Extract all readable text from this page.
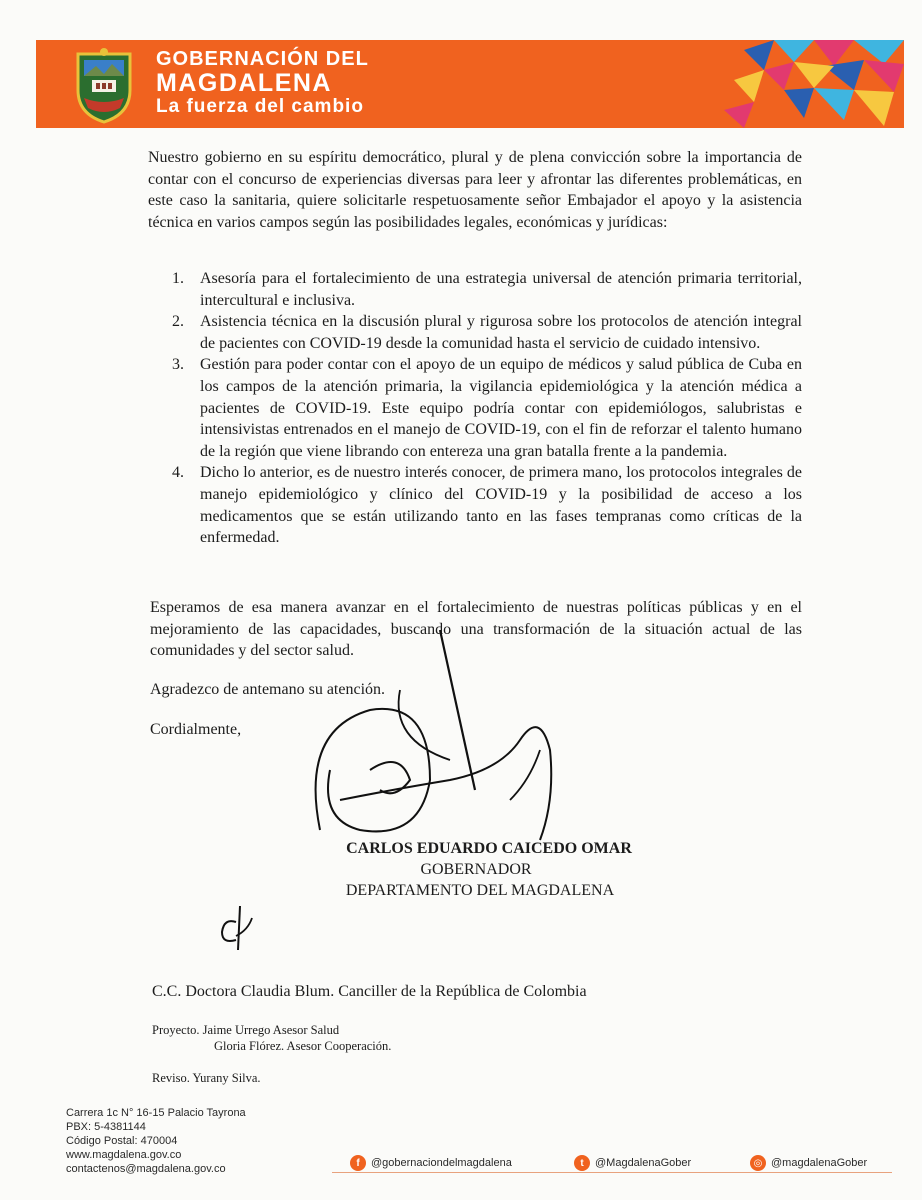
GOBERNACIÓN DEL
MAGDALENA
La fuerza del cambio
Nuestro gobierno en su espíritu democrático, plural y de plena convicción sobre la importancia de contar con el concurso de experiencias diversas para leer y afrontar las diferentes problemáticas, en este caso la sanitaria, quiere solicitarle respetuosamente señor Embajador el apoyo y la asistencia técnica en varios campos según las posibilidades legales, económicas y jurídicas:
1. Asesoría para el fortalecimiento de una estrategia universal de atención primaria territorial, intercultural e inclusiva.
2. Asistencia técnica en la discusión plural y rigurosa sobre los protocolos de atención integral de pacientes con COVID-19 desde la comunidad hasta el servicio de cuidado intensivo.
3. Gestión para poder contar con el apoyo de un equipo de médicos y salud pública de Cuba en los campos de la atención primaria, la vigilancia epidemiológica y la atención médica a pacientes de COVID-19. Este equipo podría contar con epidemiólogos, salubristas e intensivistas entrenados en el manejo de COVID-19, con el fin de reforzar el talento humano de la región que viene librando con entereza una gran batalla frente a la pandemia.
4. Dicho lo anterior, es de nuestro interés conocer, de primera mano, los protocolos integrales de manejo epidemiológico y clínico del COVID-19 y la posibilidad de acceso a los medicamentos que se están utilizando tanto en las fases tempranas como críticas de la enfermedad.
Esperamos de esa manera avanzar en el fortalecimiento de nuestras políticas públicas y en el mejoramiento de las capacidades, buscando una transformación de la situación actual de las comunidades y del sector salud.
Agradezco de antemano su atención.
Cordialmente,
CARLOS EDUARDO CAICEDO OMAR
GOBERNADOR
DEPARTAMENTO DEL MAGDALENA
C.C. Doctora Claudia Blum. Canciller de la República de Colombia
Proyecto. Jaime Urrego Asesor Salud
Gloria Flórez. Asesor Cooperación.
Reviso. Yurany Silva.
Carrera 1c N° 16-15 Palacio Tayrona
PBX: 5-4381144
Código Postal: 470004
www.magdalena.gov.co
contactenos@magdalena.gov.co	f	@gobernaciondelmagdalena	t	@MagdalenaGober	◎ @magdalenaGober
